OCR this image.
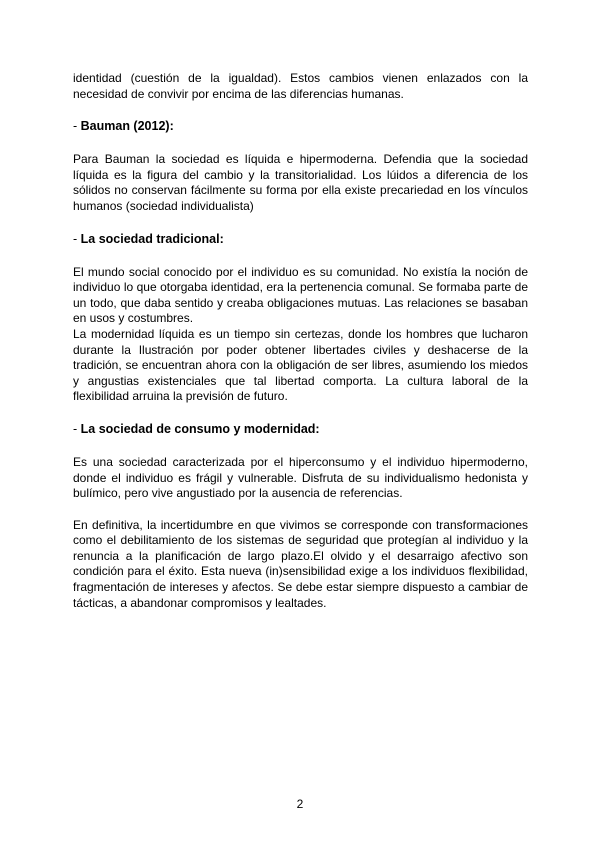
identidad (cuestión de la igualdad). Estos cambios vienen enlazados con la necesidad de convivir por encima de las diferencias humanas.

- Bauman (2012):

Para Bauman la sociedad es líquida e hipermoderna. Defendia que la sociedad líquida es la figura del cambio y la transitorialidad. Los lúidos a diferencia de los sólidos no conservan fácilmente su forma por ella existe precariedad en los vínculos humanos (sociedad individualista)

- La sociedad tradicional:

El mundo social conocido por el individuo es su comunidad. No existía la noción de individuo lo que otorgaba identidad, era la pertenencia comunal. Se formaba parte de un todo, que daba sentido y creaba obligaciones mutuas. Las relaciones se basaban en usos y costumbres.

La modernidad líquida es un tiempo sin certezas, donde los hombres que lucharon durante la Ilustración por poder obtener libertades civiles y deshacerse de la tradición, se encuentran ahora con la obligación de ser libres, asumiendo los miedos y angustias existenciales que tal libertad comporta. La cultura laboral de la flexibilidad arruina la previsión de futuro.

- La sociedad de consumo y modernidad:

Es una sociedad caracterizada por el hiperconsumo y el individuo hipermoderno, donde el individuo es frágil y vulnerable. Disfruta de su individualismo hedonista y bulímico, pero vive angustiado por la ausencia de referencias.

En definitiva, la incertidumbre en que vivimos se corresponde con transformaciones como el debilitamiento de los sistemas de seguridad que protegían al individuo y la renuncia a la planificación de largo plazo.El olvido y el desarraigo afectivo son condición para el éxito. Esta nueva (in)sensibilidad exige a los individuos flexibilidad, fragmentación de intereses y afectos. Se debe estar siempre dispuesto a cambiar de tácticas, a abandonar compromisos y lealtades.

2
